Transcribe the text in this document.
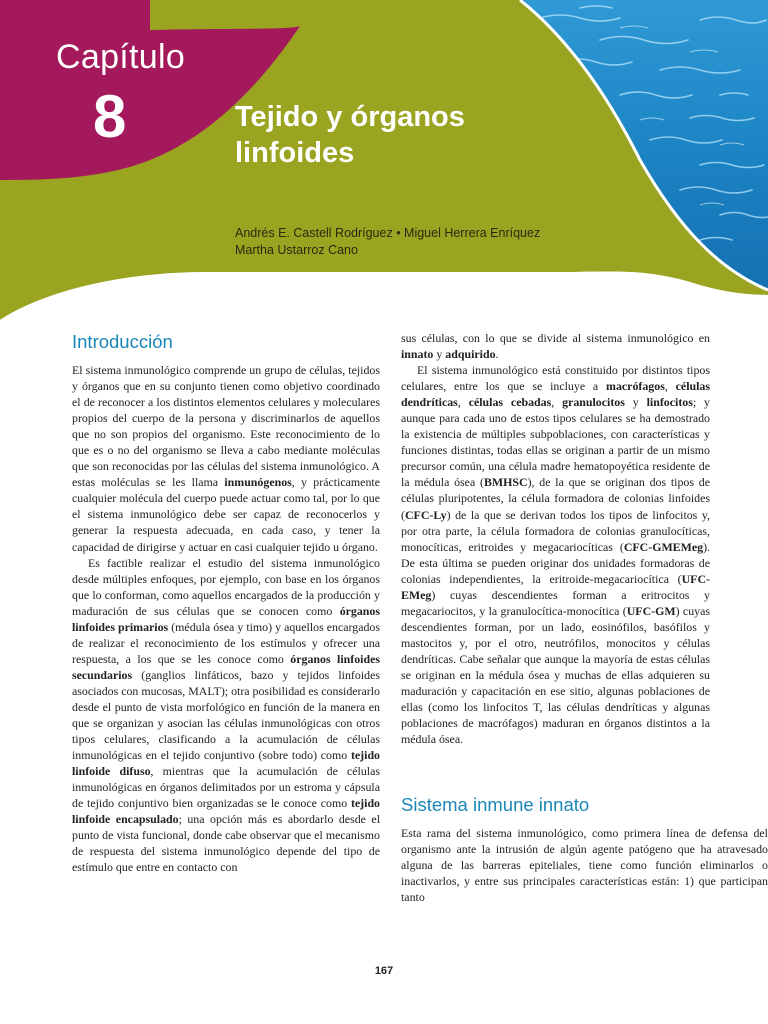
Capítulo
8	Tejido y órganos
linfoides
Andrés E. Castell Rodríguez • Miguel Herrera Enríquez
Martha Ustarroz Cano
Introducción

El sistema inmunológico comprende un grupo de células, tejidos y órganos que en su conjunto tienen como objetivo coordinado el de reconocer a los distintos elementos celulares y moleculares propios del cuerpo de la persona y discriminarlos de aquellos que no son propios del organismo. Este reconocimiento de lo que es o no del organismo se lleva a cabo mediante moléculas que son reconocidas por las células del sistema inmunológico. A estas moléculas se les llama inmunógenos, y prácticamente cualquier molécula del cuerpo puede actuar como tal, por lo que el sistema inmunológico debe ser capaz de reconocerlos y generar la respuesta adecuada, en cada caso, y tener la capacidad de dirigirse y actuar en casi cualquier tejido u órgano.

Es factible realizar el estudio del sistema inmunológico desde múltiples enfoques, por ejemplo, con base en los órganos que lo conforman, como aquellos encargados de la producción y maduración de sus células que se conocen como órganos linfoides primarios (médula ósea y timo) y aquellos encargados de realizar el reconocimiento de los estímulos y ofrecer una respuesta, a los que se les conoce como órganos linfoides secundarios (ganglios linfáticos, bazo y tejidos linfoides asociados con mucosas, MALT); otra posibilidad es considerarlo desde el punto de vista morfológico en función de la manera en que se organizan y asocian las células inmunológicas con otros tipos celulares, clasificando a la acumulación de células inmunológicas en el tejido conjuntivo (sobre todo) como tejido linfoide difuso, mientras que la acumulación de células inmunológicas en órganos delimitados por un estroma y cápsula de tejido conjuntivo bien organizadas se le conoce como tejido linfoide encapsulado; una opción más es abordarlo desde el punto de vista funcional, donde cabe observar que el mecanismo de respuesta del sistema inmunológico depende del tipo de estímulo que entre en contacto con

sus células, con lo que se divide al sistema inmunológico en innato y adquirido.

El sistema inmunológico está constituido por distintos tipos celulares, entre los que se incluye a macrófagos, células dendríticas, células cebadas, granulocitos y linfocitos; y aunque para cada uno de estos tipos celulares se ha demostrado la existencia de múltiples subpoblaciones, con características y funciones distintas, todas ellas se originan a partir de un mismo precursor común, una célula madre hematopoyética residente de la médula ósea (BMHSC), de la que se originan dos tipos de células pluripotentes, la célula formadora de colonias linfoides (CFC-Ly) de la que se derivan todos los tipos de linfocitos y, por otra parte, la célula formadora de colonias granulocíticas, monocíticas, eritroides y megacariocíticas (CFC-GMEMeg). De esta última se pueden originar dos unidades formadoras de colonias independientes, la eritroide-megacariocítica (UFC-EMeg) cuyas descendientes forman a eritrocitos y megacariocitos, y la granulocítica-monocítica (UFC-GM) cuyas descendientes forman, por un lado, eosinófilos, basófilos y mastocitos y, por el otro, neutrófilos, monocitos y células dendríticas. Cabe señalar que aunque la mayoría de estas células se originan en la médula ósea y muchas de ellas adquieren su maduración y capacitación en ese sitio, algunas poblaciones de ellas (como los linfocitos T, las células dendríticas y algunas poblaciones de macrófagos) maduran en órganos distintos a la médula ósea.

Sistema inmune innato

Esta rama del sistema inmunológico, como primera línea de defensa del organismo ante la intrusión de algún agente patógeno que ha atravesado alguna de las barreras epiteliales, tiene como función eliminarlos o inactivarlos, y entre sus principales características están: 1) que participan tanto

167
